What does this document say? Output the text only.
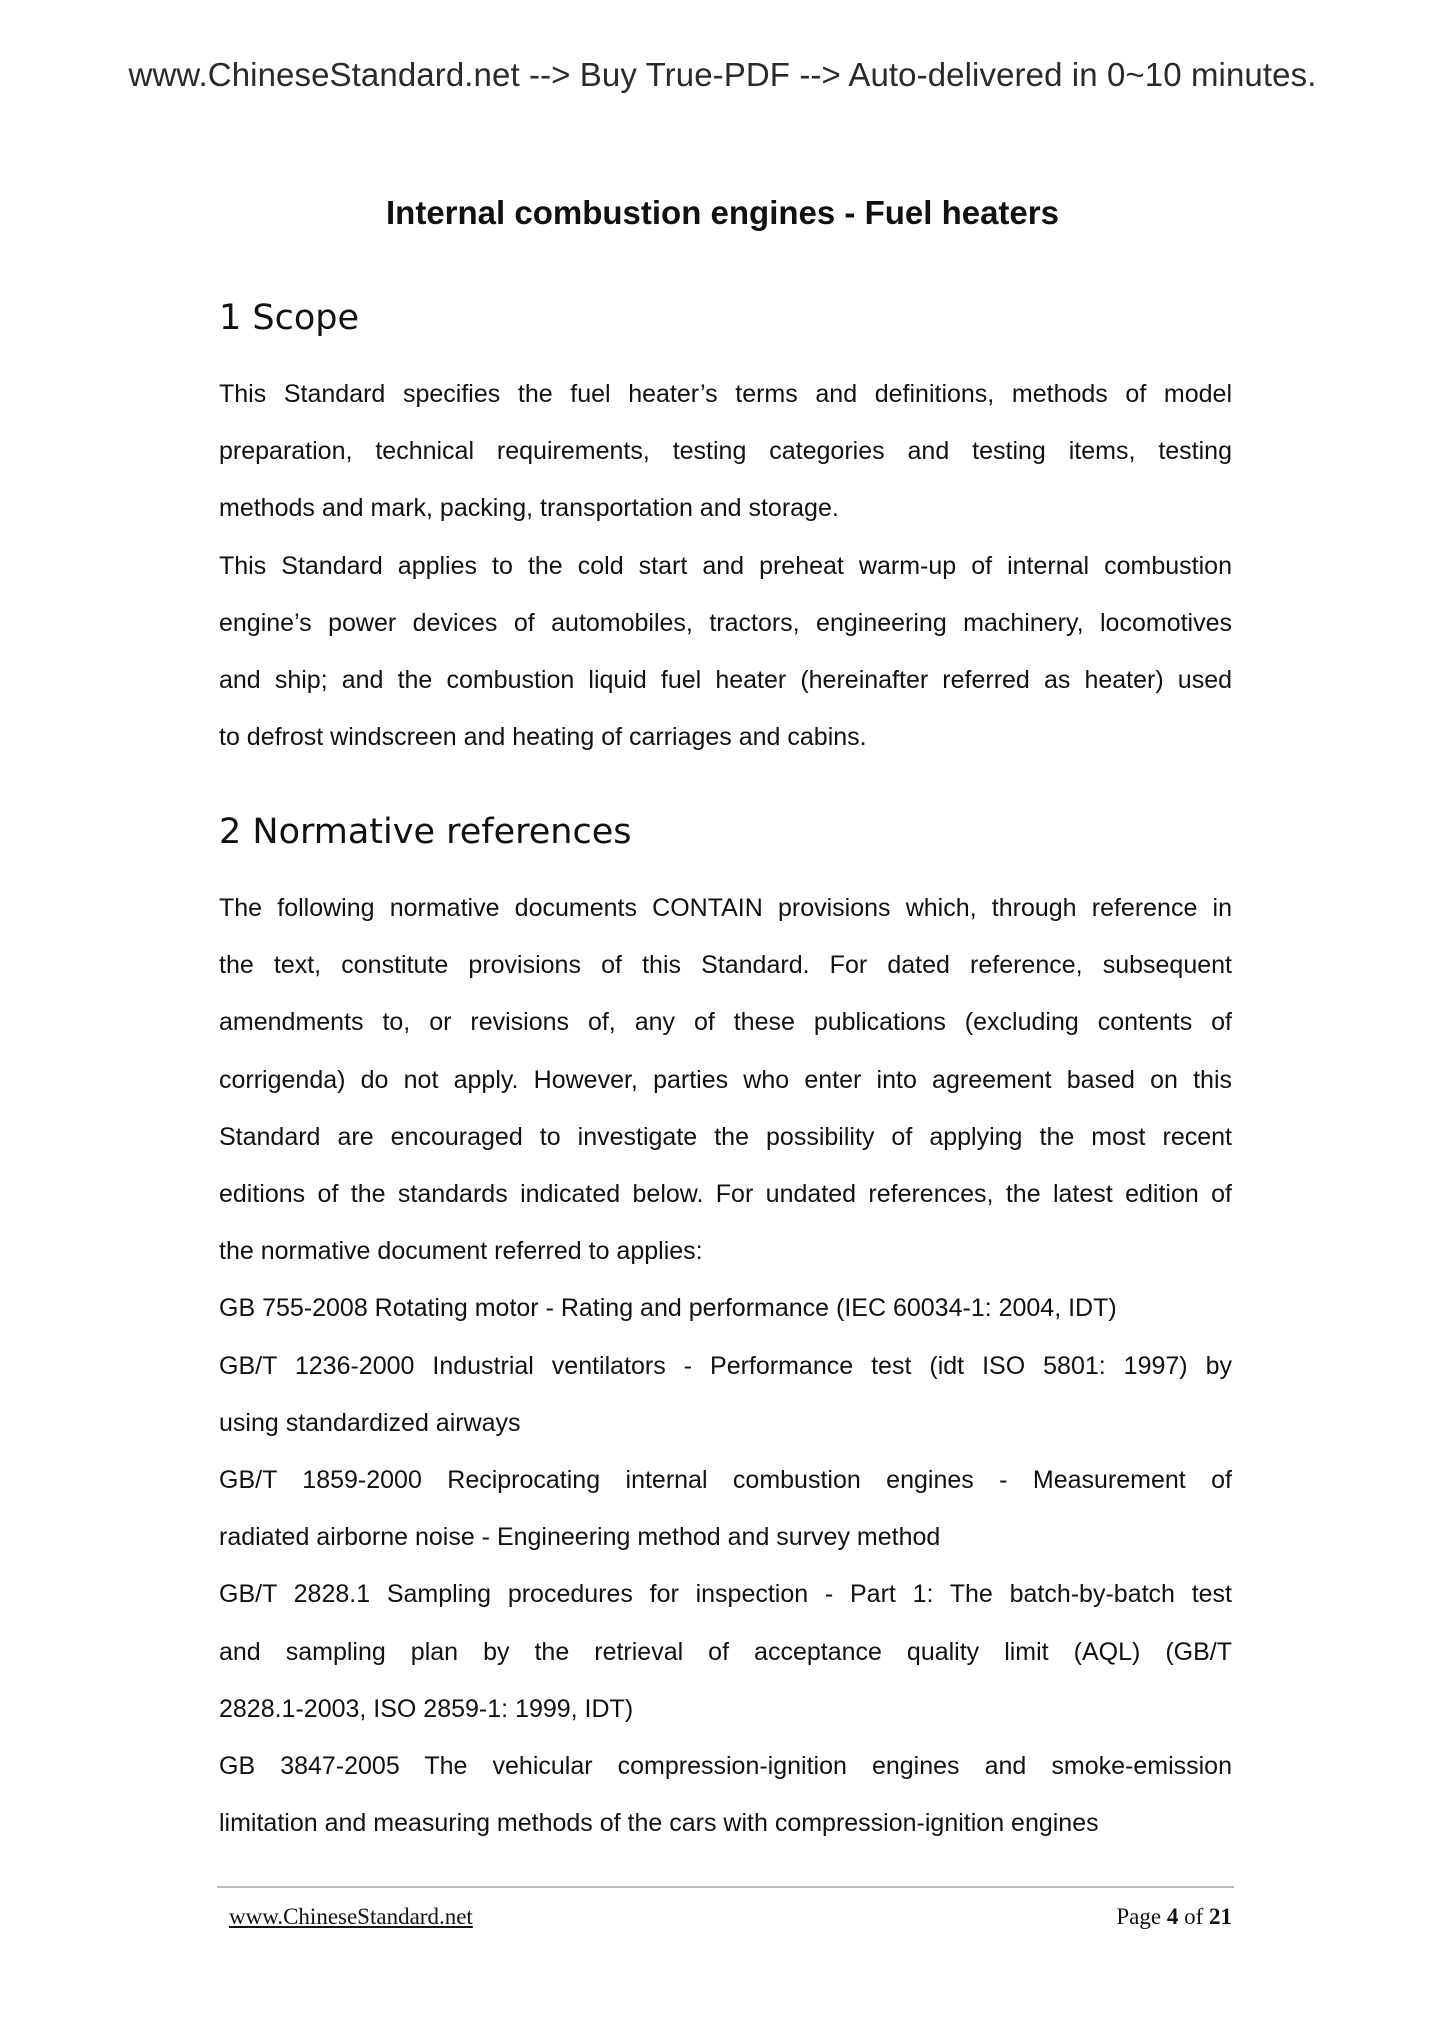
www.ChineseStandard.net --> Buy True-PDF --> Auto-delivered in 0~10 minutes.
Internal combustion engines - Fuel heaters
1 Scope
This Standard specifies the fuel heater’s terms and definitions, methods of model
preparation, technical requirements, testing categories and testing items, testing
methods and mark, packing, transportation and storage.
This Standard applies to the cold start and preheat warm-up of internal combustion
engine’s power devices of automobiles, tractors, engineering machinery, locomotives
and ship; and the combustion liquid fuel heater (hereinafter referred as heater) used
to defrost windscreen and heating of carriages and cabins.
2 Normative references
The following normative documents CONTAIN provisions which, through reference in
the text, constitute provisions of this Standard. For dated reference, subsequent
amendments to, or revisions of, any of these publications (excluding contents of
corrigenda) do not apply. However, parties who enter into agreement based on this
Standard are encouraged to investigate the possibility of applying the most recent
editions of the standards indicated below. For undated references, the latest edition of
the normative document referred to applies:
GB 755-2008 Rotating motor - Rating and performance (IEC 60034-1: 2004, IDT)
GB/T 1236-2000 Industrial ventilators - Performance test (idt ISO 5801: 1997) by
using standardized airways
GB/T 1859-2000 Reciprocating internal combustion engines - Measurement of
radiated airborne noise - Engineering method and survey method
GB/T 2828.1 Sampling procedures for inspection - Part 1: The batch-by-batch test
and sampling plan by the retrieval of acceptance quality limit (AQL) (GB/T
2828.1-2003, ISO 2859-1: 1999, IDT)
GB 3847-2005 The vehicular compression-ignition engines and smoke-emission
limitation and measuring methods of the cars with compression-ignition engines
www.ChineseStandard.net	Page 4 of 21
